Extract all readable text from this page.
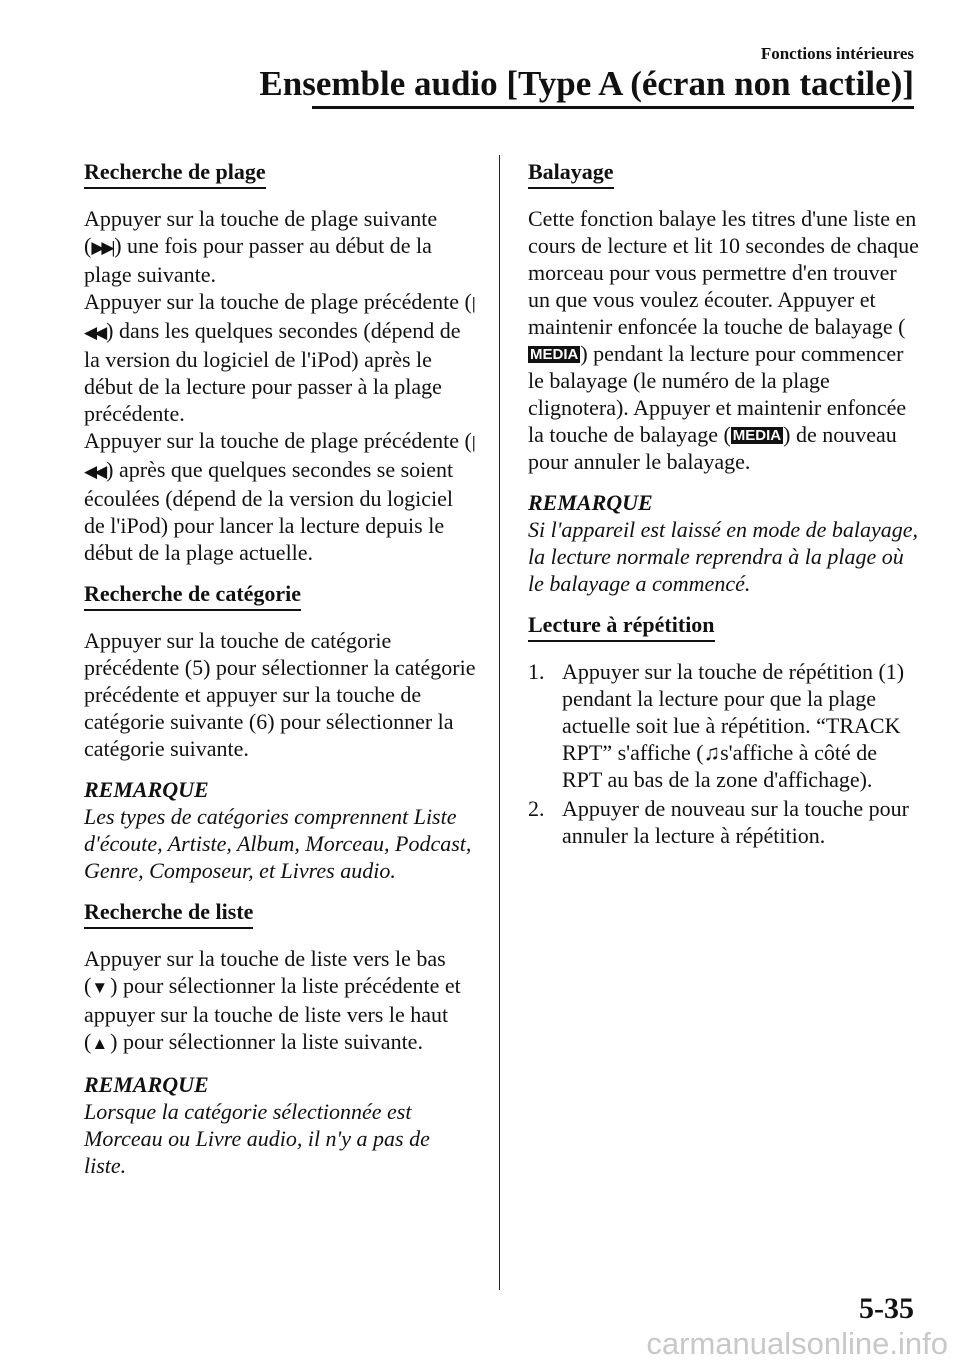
Fonctions intérieures
Ensemble audio [Type A (écran non tactile)]
Recherche de plage

Appuyer sur la touche de plage suivante (▶▶|) une fois pour passer au début de la plage suivante.

Appuyer sur la touche de plage précédente (|◀◀) dans les quelques secondes (dépend de la version du logiciel de l'iPod) après le début de la lecture pour passer à la plage précédente.

Appuyer sur la touche de plage précédente (|◀◀) après que quelques secondes se soient écoulées (dépend de la version du logiciel de l'iPod) pour lancer la lecture depuis le début de la plage actuelle.

Recherche de catégorie

Appuyer sur la touche de catégorie précédente (5) pour sélectionner la catégorie précédente et appuyer sur la touche de catégorie suivante (6) pour sélectionner la catégorie suivante.

REMARQUE

Les types de catégories comprennent Liste d'écoute, Artiste, Album, Morceau, Podcast, Genre, Composeur, et Livres audio.

Recherche de liste

Appuyer sur la touche de liste vers le bas (▼) pour sélectionner la liste précédente et appuyer sur la touche de liste vers le haut (▲) pour sélectionner la liste suivante.

REMARQUE

Lorsque la catégorie sélectionnée est Morceau ou Livre audio, il n'y a pas de liste.

Balayage

Cette fonction balaye les titres d'une liste en cours de lecture et lit 10 secondes de chaque morceau pour vous permettre d'en trouver un que vous voulez écouter. Appuyer et maintenir enfoncée la touche de balayage (MEDIA) pendant la lecture pour commencer le balayage (le numéro de la plage clignotera). Appuyer et maintenir enfoncée la touche de balayage ( MEDIA) de nouveau pour annuler le balayage.

REMARQUE

Si l'appareil est laissé en mode de balayage, la lecture normale reprendra à la plage où le balayage a commencé.

Lecture à répétition
1. Appuyer sur la touche de répétition (1) pendant la lecture pour que la plage actuelle soit lue à répétition. “TRACK RPT” s'affiche (♫s'affiche à côté de RPT au bas de la zone d'affichage).
2. Appuyer de nouveau sur la touche pour annuler la lecture à répétition.
5-35
carmanualsonline.info
